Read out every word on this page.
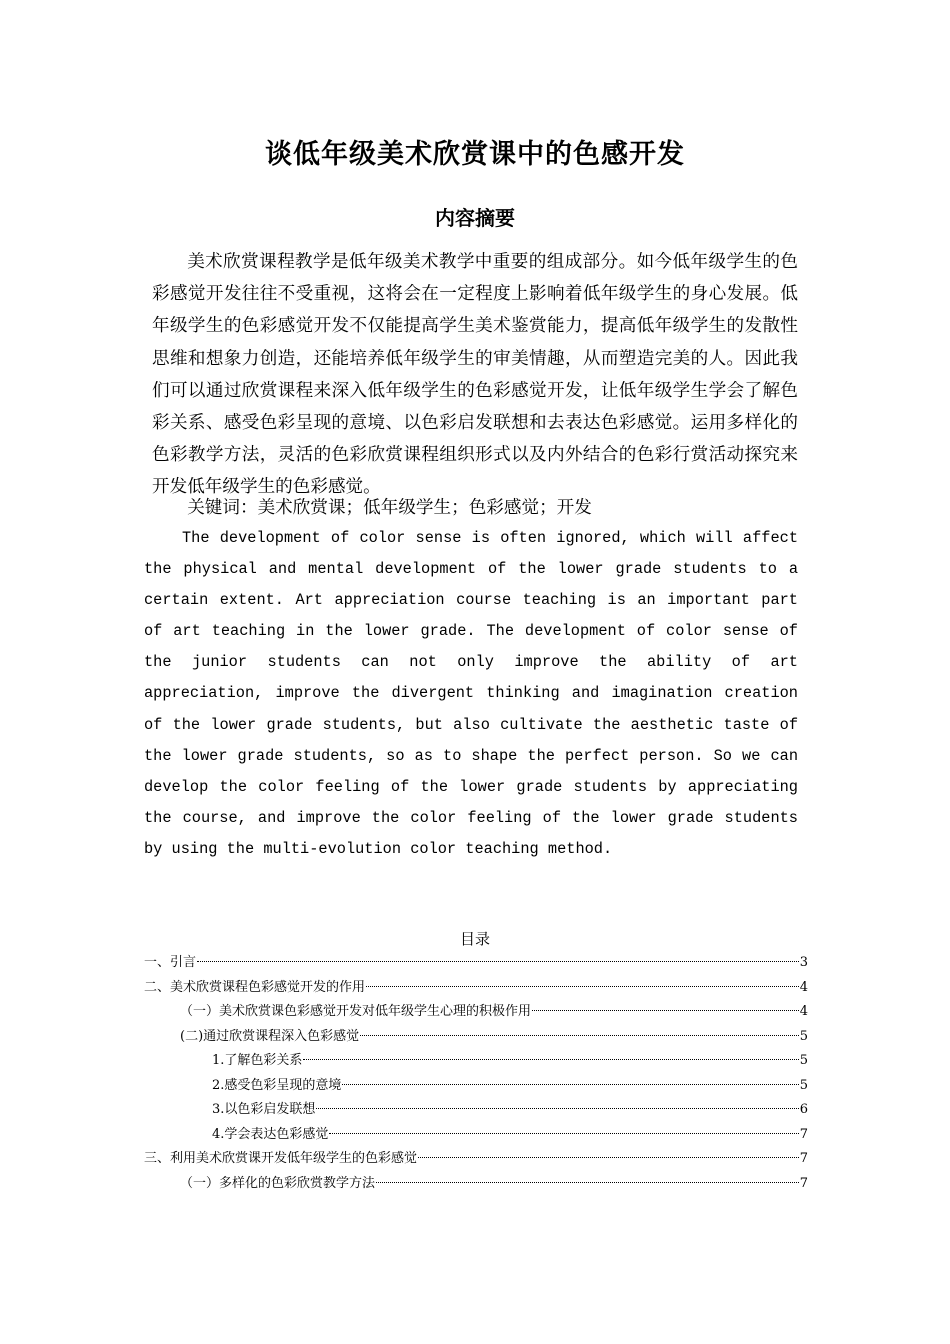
谈低年级美术欣赏课中的色感开发
内容摘要

美术欣赏课程教学是低年级美术教学中重要的组成部分。如今低年级学生的色彩感觉开发往往不受重视，这将会在一定程度上影响着低年级学生的身心发展。低年级学生的色彩感觉开发不仅能提高学生美术鉴赏能力，提高低年级学生的发散性思维和想象力创造，还能培养低年级学生的审美情趣，从而塑造完美的人。因此我们可以通过欣赏课程来深入低年级学生的色彩感觉开发，让低年级学生学会了解色彩关系、感受色彩呈现的意境、以色彩启发联想和去表达色彩感觉。运用多样化的色彩教学方法，灵活的色彩欣赏课程组织形式以及内外结合的色彩行赏活动探究来开发低年级学生的色彩感觉。

关键词：美术欣赏课；低年级学生；色彩感觉；开发

The development of color sense is often ignored, which will affect the physical and mental development of the lower grade students to a certain extent. Art appreciation course teaching is an important part of art teaching in the lower grade. The development of color sense of the junior students can not only improve the ability of art appreciation, improve the divergent thinking and imagination creation of the lower grade students, but also cultivate the aesthetic taste of the lower grade students, so as to shape the perfect person. So we can develop the color feeling of the lower grade students by appreciating the course, and improve the color feeling of the lower grade students by using the multi-evolution color teaching method.

目录
一、引言	3
二、美术欣赏课程色彩感觉开发的作用	4
（一）美术欣赏课色彩感觉开发对低年级学生心理的积极作用	4
(二)通过欣赏课程深入色彩感觉	5
1.了解色彩关系	5
2.感受色彩呈现的意境	5
3.以色彩启发联想	6
4.学会表达色彩感觉	7
三、利用美术欣赏课开发低年级学生的色彩感觉	7
（一）多样化的色彩欣赏教学方法	7
